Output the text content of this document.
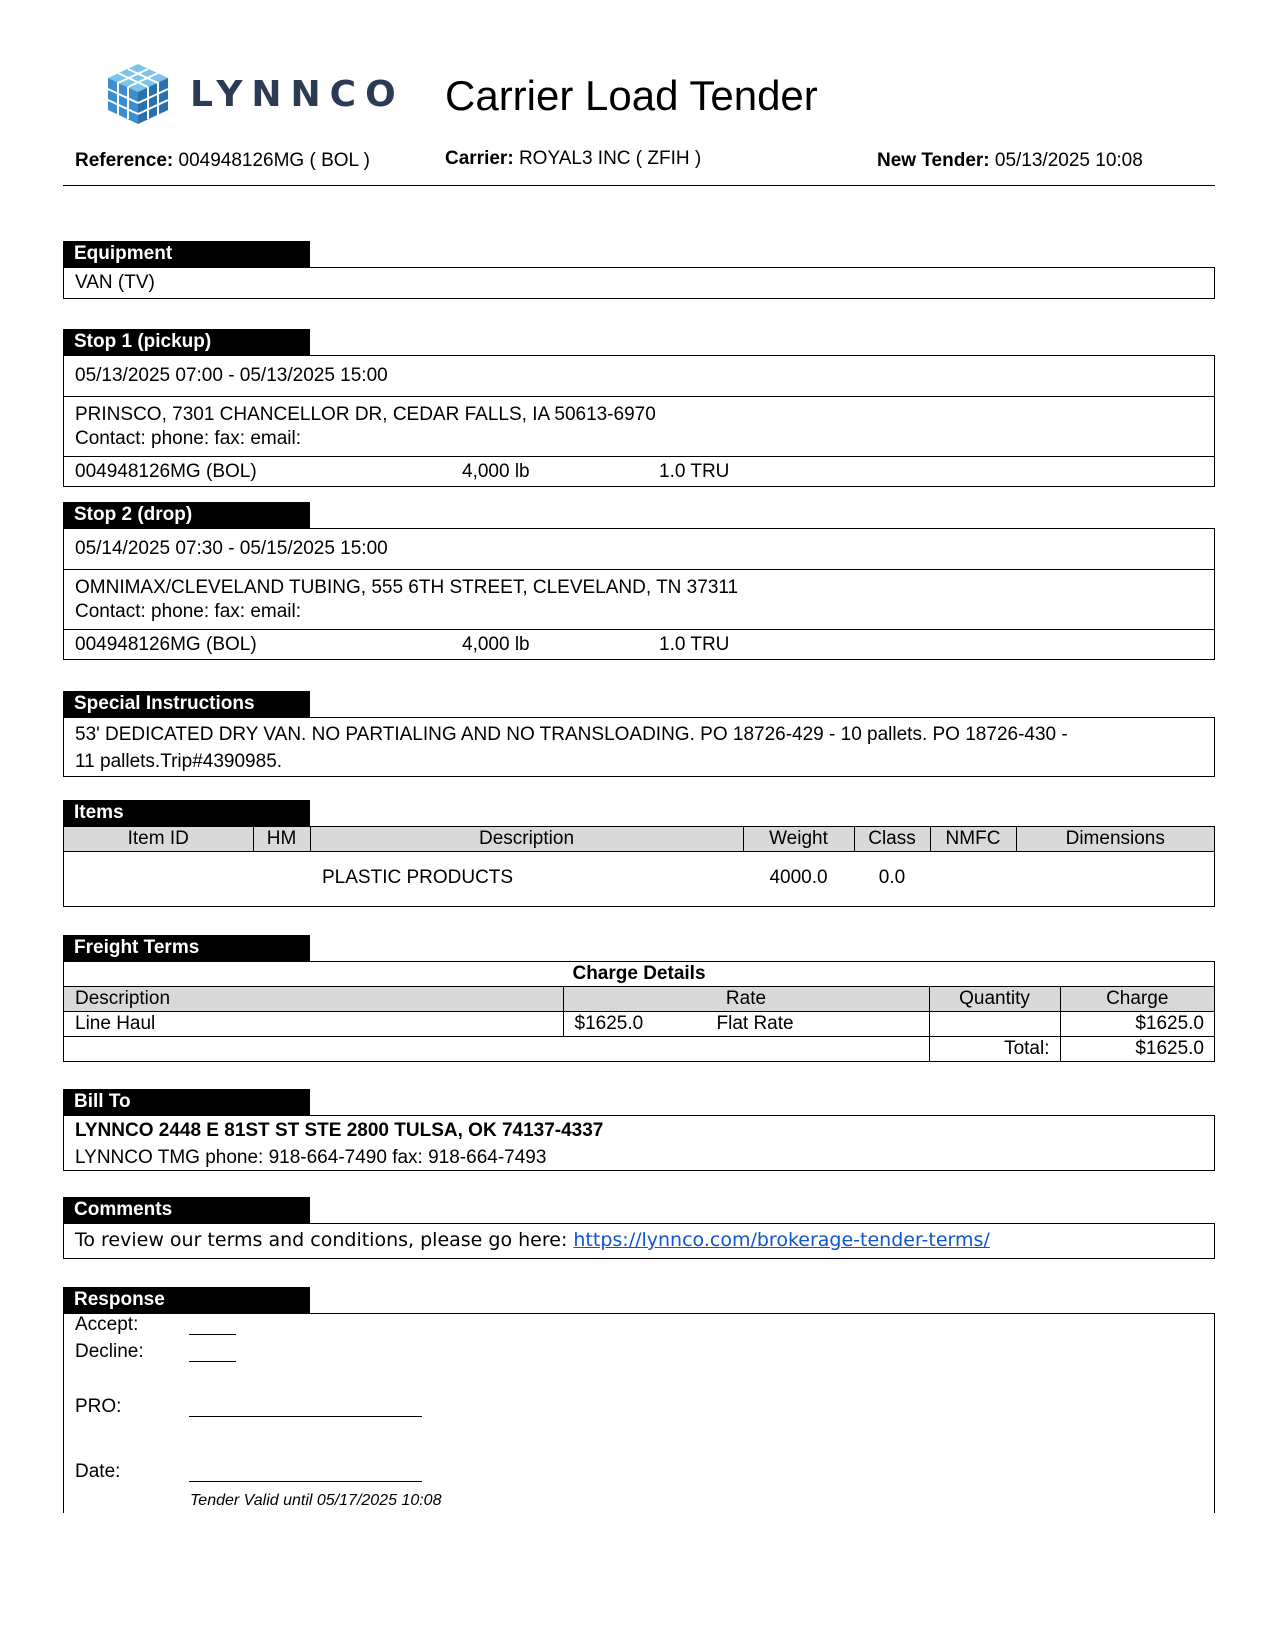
LYNNCO Carrier Load Tender
Reference: 004948126MG ( BOL )	Carrier: ROYAL3 INC ( ZFIH )	New Tender: 05/13/2025 10:08
Equipment
VAN (TV)
Stop 1 (pickup)
05/13/2025 07:00 - 05/13/2025 15:00
PRINSCO, 7301 CHANCELLOR DR, CEDAR FALLS, IA 50613-6970
Contact: phone: fax: email:
004948126MG (BOL)	4,000 lb	1.0 TRU
Stop 2 (drop)
05/14/2025 07:30 - 05/15/2025 15:00
OMNIMAX/CLEVELAND TUBING, 555 6TH STREET, CLEVELAND, TN 37311
Contact: phone: fax: email:
004948126MG (BOL)	4,000 lb	1.0 TRU
Special Instructions
53' DEDICATED DRY VAN. NO PARTIALING AND NO TRANSLOADING. PO 18726-429 - 10 pallets. PO 18726-430 -
11 pallets.Trip#4390985.
Items
Item ID	HM	Description	Weight	Class	NMFC	Dimensions
		PLASTIC PRODUCTS	4000.0	0.0		
Freight Terms
Charge Details			
Description	Rate	Quantity	Charge
Line Haul	$1625.0 Flat Rate		$1625.0
		Total:	$1625.0
Bill To
LYNNCO 2448 E 81ST ST STE 2800 TULSA, OK 74137-4337
LYNNCO TMG phone: 918-664-7490 fax: 918-664-7493
Comments
To review our terms and conditions, please go here: https://lynnco.com/brokerage-tender-terms/
Response
Accept:
Decline:
PRO:
Date:
Tender Valid until 05/17/2025 10:08
